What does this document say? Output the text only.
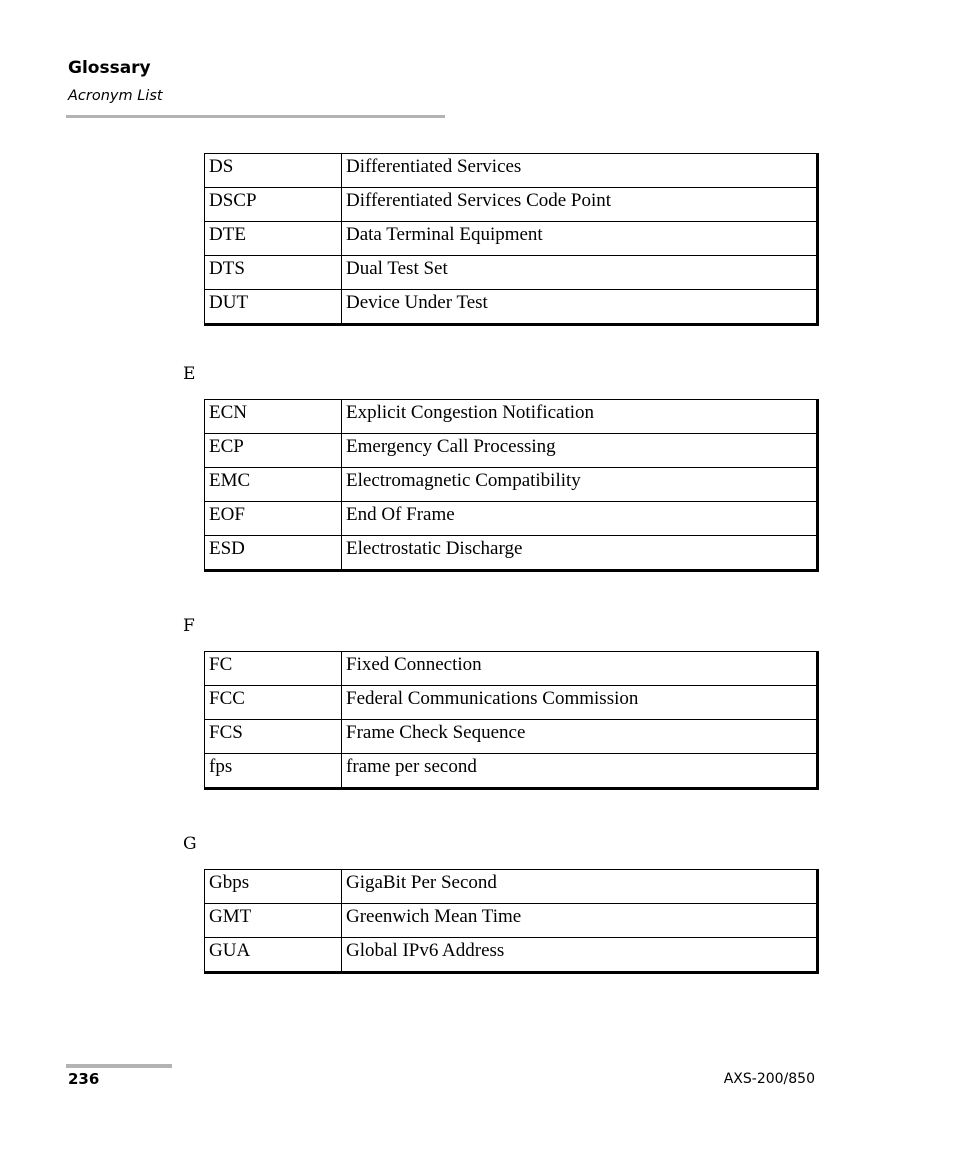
Glossary
Acronym List
DS	Differentiated Services
DSCP	Differentiated Services Code Point
DTE	Data Terminal Equipment
DTS	Dual Test Set
DUT	Device Under Test
E
ECN	Explicit Congestion Notification
ECP	Emergency Call Processing
EMC	Electromagnetic Compatibility
EOF	End Of Frame
ESD	Electrostatic Discharge
F
FC	Fixed Connection
FCC	Federal Communications Commission
FCS	Frame Check Sequence
fps	frame per second
G
Gbps	GigaBit Per Second
GMT	Greenwich Mean Time
GUA	Global IPv6 Address
236	AXS-200/850
